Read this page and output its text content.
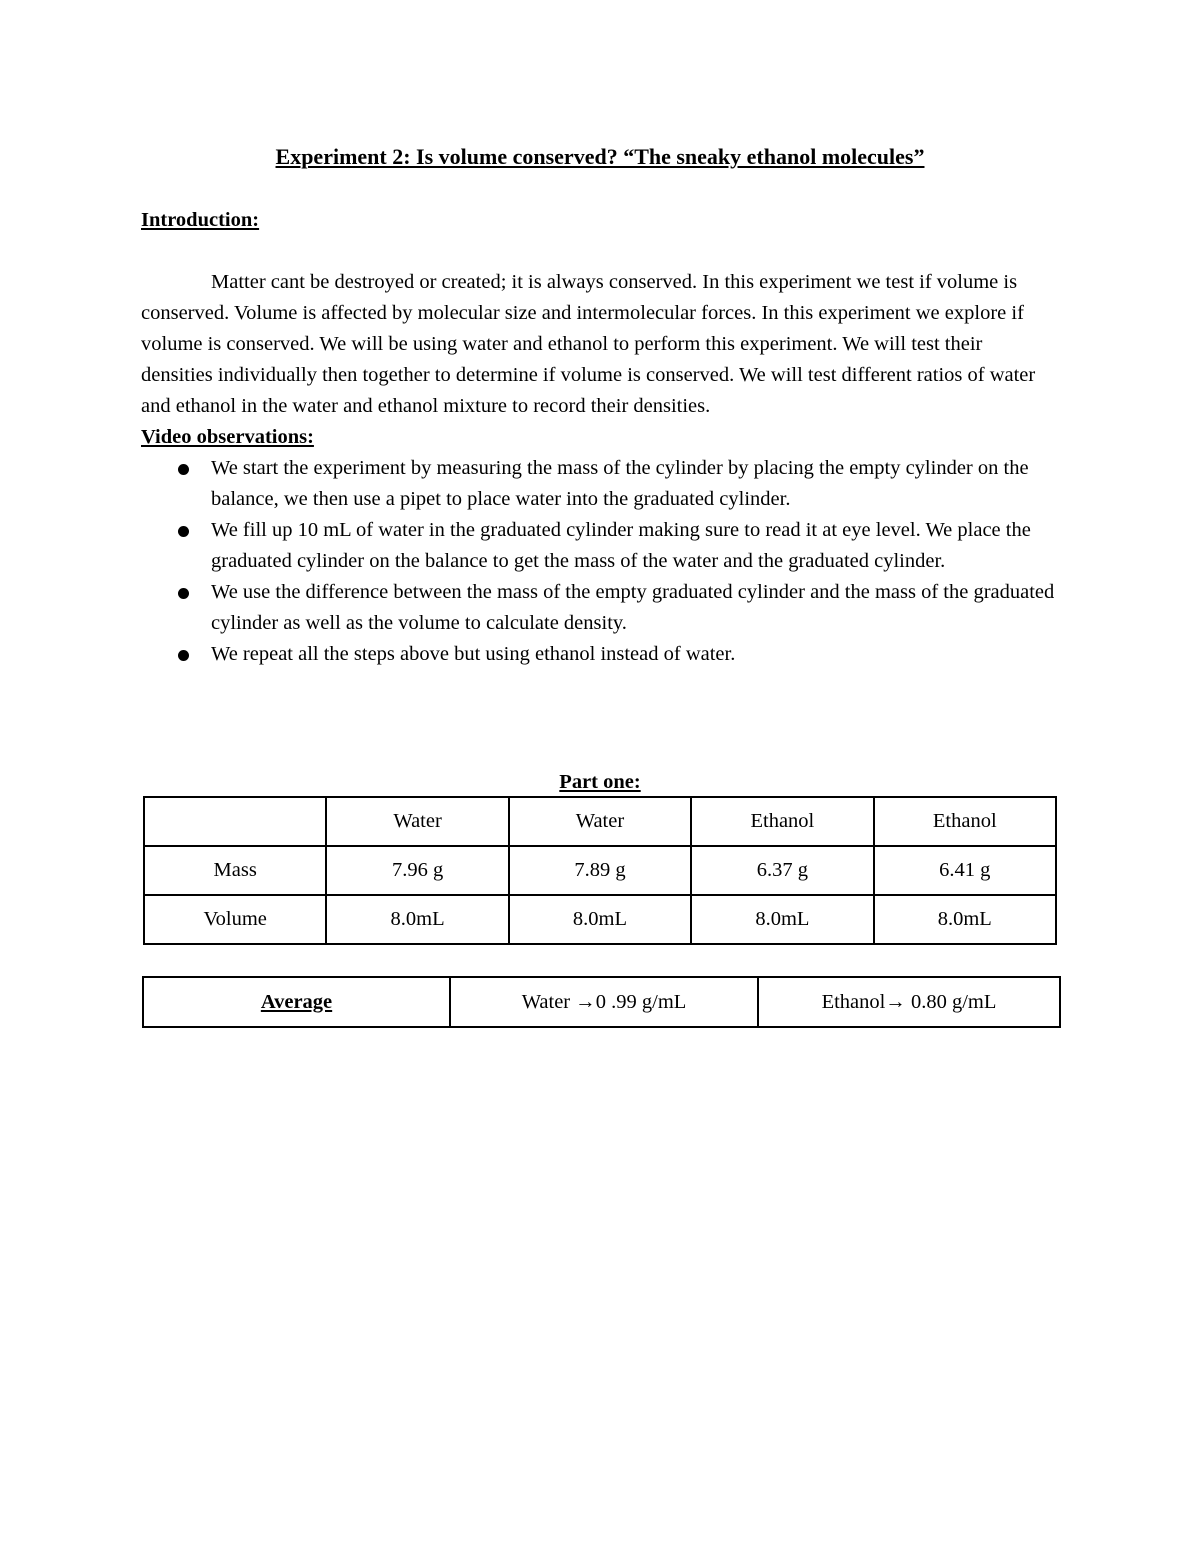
Experiment 2: Is volume conserved? “The sneaky ethanol molecules”

Introduction:

Matter cant be destroyed or created; it is always conserved. In this experiment we test if volume is conserved. Volume is affected by molecular size and intermolecular forces. In this experiment we explore if volume is conserved. We will be using water and ethanol to perform this experiment. We will test their densities individually then together to determine if volume is conserved. We will test different ratios of water and ethanol in the water and ethanol mixture to record their densities.

Video observations:

We start the experiment by measuring the mass of the cylinder by placing the empty cylinder on the balance, we then use a pipet to place water into the graduated cylinder.
We fill up 10 mL of water in the graduated cylinder making sure to read it at eye level. We place the graduated cylinder on the balance to get the mass of the water and the graduated cylinder.
We use the difference between the mass of the empty graduated cylinder and the mass of the graduated cylinder as well as the volume to calculate density.
We repeat all the steps above but using ethanol instead of water.
Part one:
	Water	Water	Ethanol	Ethanol
Mass	7.96 g	7.89 g	6.37 g	6.41 g
Volume	8.0mL	8.0mL	8.0mL	8.0mL
Average	Water →0 .99 g/mL	Ethanol→ 0.80 g/mL
